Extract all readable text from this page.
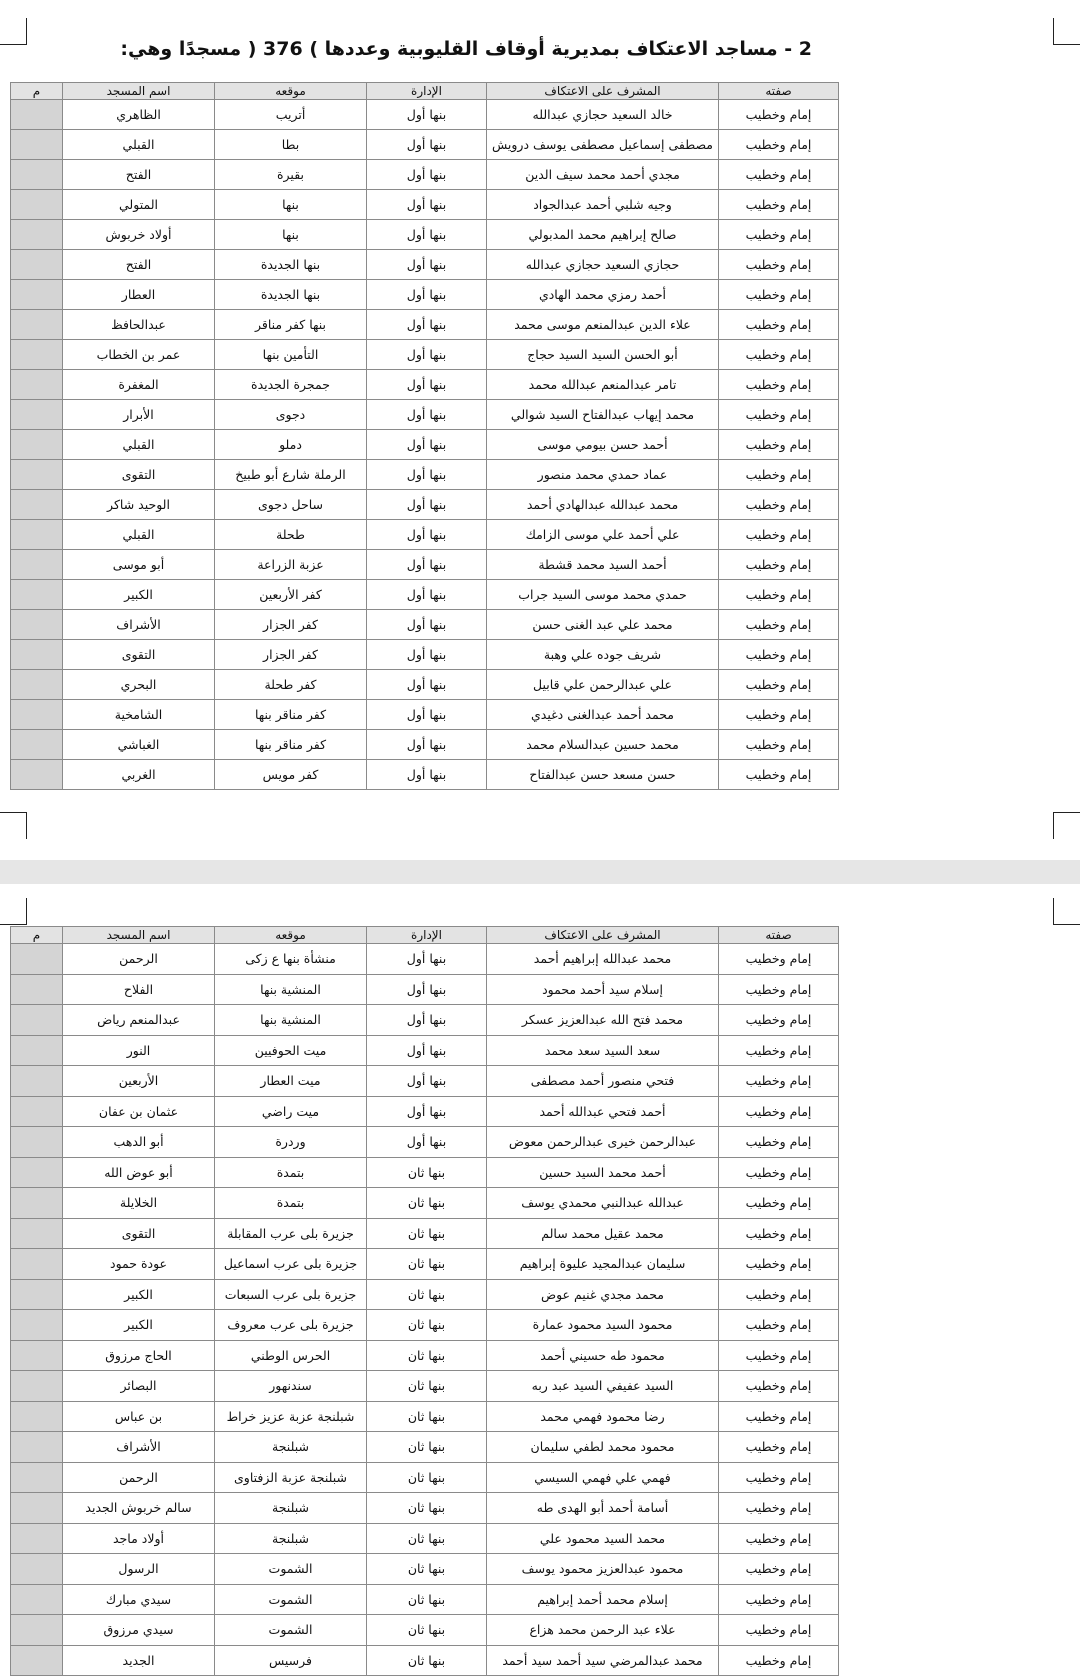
2 - مساجد الاعتكاف بمديرية أوقاف القليوبية وعددها ) 376 ( مسجدًا وهي:
صفته	المشرف على الاعتكاف	الإدارة	موقعه	اسم المسجد	م
إمام وخطيب	خالد السعيد حجازي عبدالله	بنها أول	أتريب	الظاهري	
إمام وخطيب	مصطفى إسماعيل مصطفى يوسف درويش	بنها أول	بطا	القبلي	
إمام وخطيب	مجدي أحمد محمد سيف الدين	بنها أول	بقيرة	الفتح	
إمام وخطيب	وجيه شلبي أحمد عبدالجواد	بنها أول	بنها	المتولي	
إمام وخطيب	صالح إبراهيم محمد المدبولي	بنها أول	بنها	أولاد خربوش	
إمام وخطيب	حجازي السعيد حجازي عبدالله	بنها أول	بنها الجديدة	الفتح	
إمام وخطيب	أحمد رمزي محمد الهادي	بنها أول	بنها الجديدة	العطار	
إمام وخطيب	علاء الدين عبدالمنعم موسى محمد	بنها أول	بنها كفر مناقر	عبدالحافظ	
إمام وخطيب	أبو الحسن السيد السيد حجاج	بنها أول	التأمين بنها	عمر بن الخطاب	
إمام وخطيب	تامر عبدالمنعم عبدالله محمد	بنها أول	جمجرة الجديدة	المغفرة	
إمام وخطيب	محمد إيهاب عبدالفتاح السيد شوالي	بنها أول	دجوى	الأبرار	
إمام وخطيب	أحمد حسن بيومي موسى	بنها أول	دملو	القبلي	
إمام وخطيب	عماد حمدي محمد منصور	بنها أول	الرملة شارع أبو طبيخ	التقوى	
إمام وخطيب	محمد عبدالله عبدالهادي أحمد	بنها أول	ساحل دجوى	الوحيد شاكر	
إمام وخطيب	علي أحمد علي موسى الزامك	بنها أول	طحلة	القبلي	
إمام وخطيب	أحمد السيد محمد قشطة	بنها أول	عزبة الزراعة	أبو موسى	
إمام وخطيب	حمدي محمد موسى السيد جراب	بنها أول	كفر الأربعين	الكبير	
إمام وخطيب	محمد علي عبد الغنى حسن	بنها أول	كفر الجزار	الأشراف	
إمام وخطيب	شريف جوده علي وهبة	بنها أول	كفر الجزار	التقوى	
إمام وخطيب	علي عبدالرحمن علي قابيل	بنها أول	كفر طحلة	البحري	
إمام وخطيب	محمد أحمد عبدالغنى دغيدي	بنها أول	كفر مناقر بنها	الشامخية	
إمام وخطيب	محمد حسين عبدالسلام محمد	بنها أول	كفر مناقر بنها	الغباشي	
إمام وخطيب	حسن مسعد حسن عبدالفتاح	بنها أول	كفر مويس	الغربي	
صفته	المشرف على الاعتكاف	الإدارة	موقعه	اسم المسجد	م
إمام وخطيب	محمد عبدالله إبراهيم أحمد	بنها أول	منشأة بنها ع زكى	الرحمن	
إمام وخطيب	إسلام سيد أحمد محمود	بنها أول	المنشية بنها	الفلاح	
إمام وخطيب	محمد فتح الله عبدالعزيز عسكر	بنها أول	المنشية بنها	عبدالمنعم رياض	
إمام وخطيب	سعد السيد سعد محمد	بنها أول	ميت الحوفيين	النور	
إمام وخطيب	فتحي منصور أحمد مصطفى	بنها أول	ميت العطار	الأربعين	
إمام وخطيب	أحمد فتحي عبدالله أحمد	بنها أول	ميت راضي	عثمان بن عفان	
إمام وخطيب	عبدالرحمن خيرى عبدالرحمن معوض	بنها أول	وردرة	أبو الدهب	
إمام وخطيب	أحمد محمد السيد حسين	بنها ثان	بتمدة	أبو عوض الله	
إمام وخطيب	عبدالله عبدالنبي محمدي يوسف	بنها ثان	بتمدة	الخلايلة	
إمام وخطيب	محمد عقيل محمد سالم	بنها ثان	جزيرة بلى عرب المقابلة	التقوى	
إمام وخطيب	سليمان عبدالمجيد عليوة إبراهيم	بنها ثان	جزيرة بلى عرب اسماعيل	عودة حمود	
إمام وخطيب	محمد مجدي غنيم عوض	بنها ثان	جزيرة بلى عرب السبعات	الكبير	
إمام وخطيب	محمود السيد محمود عمارة	بنها ثان	جزيرة بلى عرب معروف	الكبير	
إمام وخطيب	محمود طه حسيني أحمد	بنها ثان	الحرس الوطني	الحاج مرزوق	
إمام وخطيب	السيد عفيفي السيد عبد ربه	بنها ثان	سندنهور	البصائر	
إمام وخطيب	رضا محمود فهمي محمد	بنها ثان	شبلنجة عزبة عزيز خراط	بن عباس	
إمام وخطيب	محمود محمد لطفي سليمان	بنها ثان	شبلنجة	الأشراف	
إمام وخطيب	فهمي علي فهمي السيسي	بنها ثان	شبلنجة عزبة الزفتاوى	الرحمن	
إمام وخطيب	أسامة أحمد أبو الهدى طه	بنها ثان	شبلنجة	سالم خربوش الجديد	
إمام وخطيب	محمد السيد محمود علي	بنها ثان	شبلنجة	أولاد ماجد	
إمام وخطيب	محمود عبدالعزيز محمود يوسف	بنها ثان	الشموت	الرسول	
إمام وخطيب	إسلام محمد أحمد إبراهيم	بنها ثان	الشموت	سيدي مبارك	
إمام وخطيب	علاء عبد الرحمن محمد هزاع	بنها ثان	الشموت	سيدي مرزوق	
إمام وخطيب	محمد عبدالمرضي سيد أحمد سيد أحمد	بنها ثان	فرسيس	الجديد	
